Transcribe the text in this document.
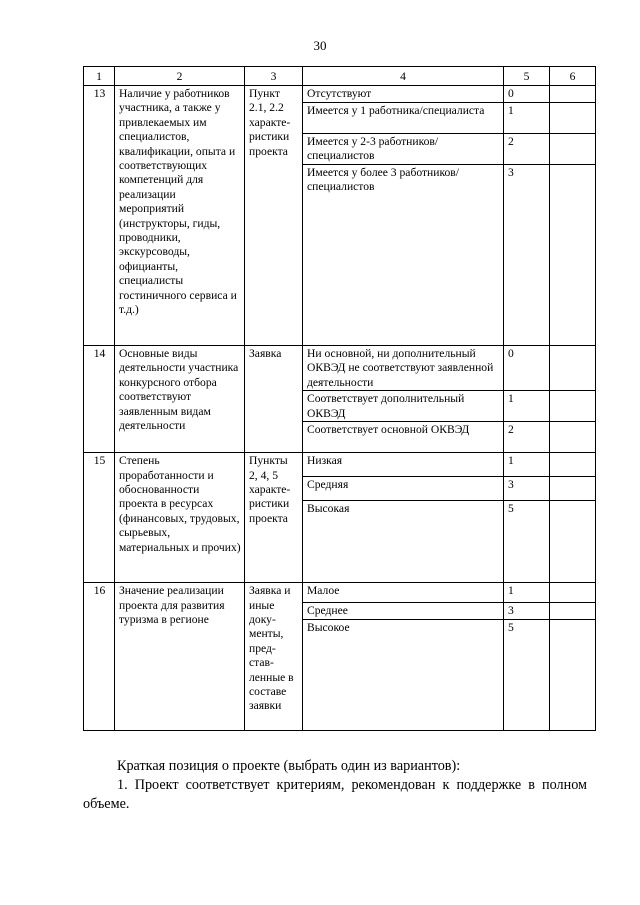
30
1	2	3	4	5	6
13	Наличие у работников участника, а также у привлекаемых им специалистов, квалификации, опыта и соответствующих компетенций для реализации мероприятий (инструкторы, гиды, проводники, экскурсоводы, официанты, специалисты гостиничного сервиса и т.д.)	Пункт 2.1, 2.2 характе-ристики проекта	Отсутствуют	0	
			Имеется у 1 работника/специалиста	1	
			Имеется у 2-3 работников/специалистов	2	
			Имеется у более 3 работников/специалистов	3	
14	Основные виды деятельности участника конкурсного отбора соответствуют заявленным видам деятельности	Заявка	Ни основной, ни дополнительный ОКВЭД не соответствуют заявленной деятельности	0	
			Соответствует дополнительный ОКВЭД	1	
			Соответствует основной ОКВЭД	2	
15	Степень проработанности и обоснованности проекта в ресурсах (финансовых, трудовых, сырьевых, материальных и прочих)	Пункты 2, 4, 5 характе-ристики проекта	Низкая	1	
			Средняя	3	
			Высокая	5	
16	Значение реализации проекта для развития туризма в регионе	Заявка и иные доку-менты, пред-став-ленные в составе заявки	Малое	1	
			Среднее	3	
			Высокое	5	
Краткая позиция о проекте (выбрать один из вариантов):
1. Проект соответствует критериям, рекомендован к поддержке в полном объеме.
